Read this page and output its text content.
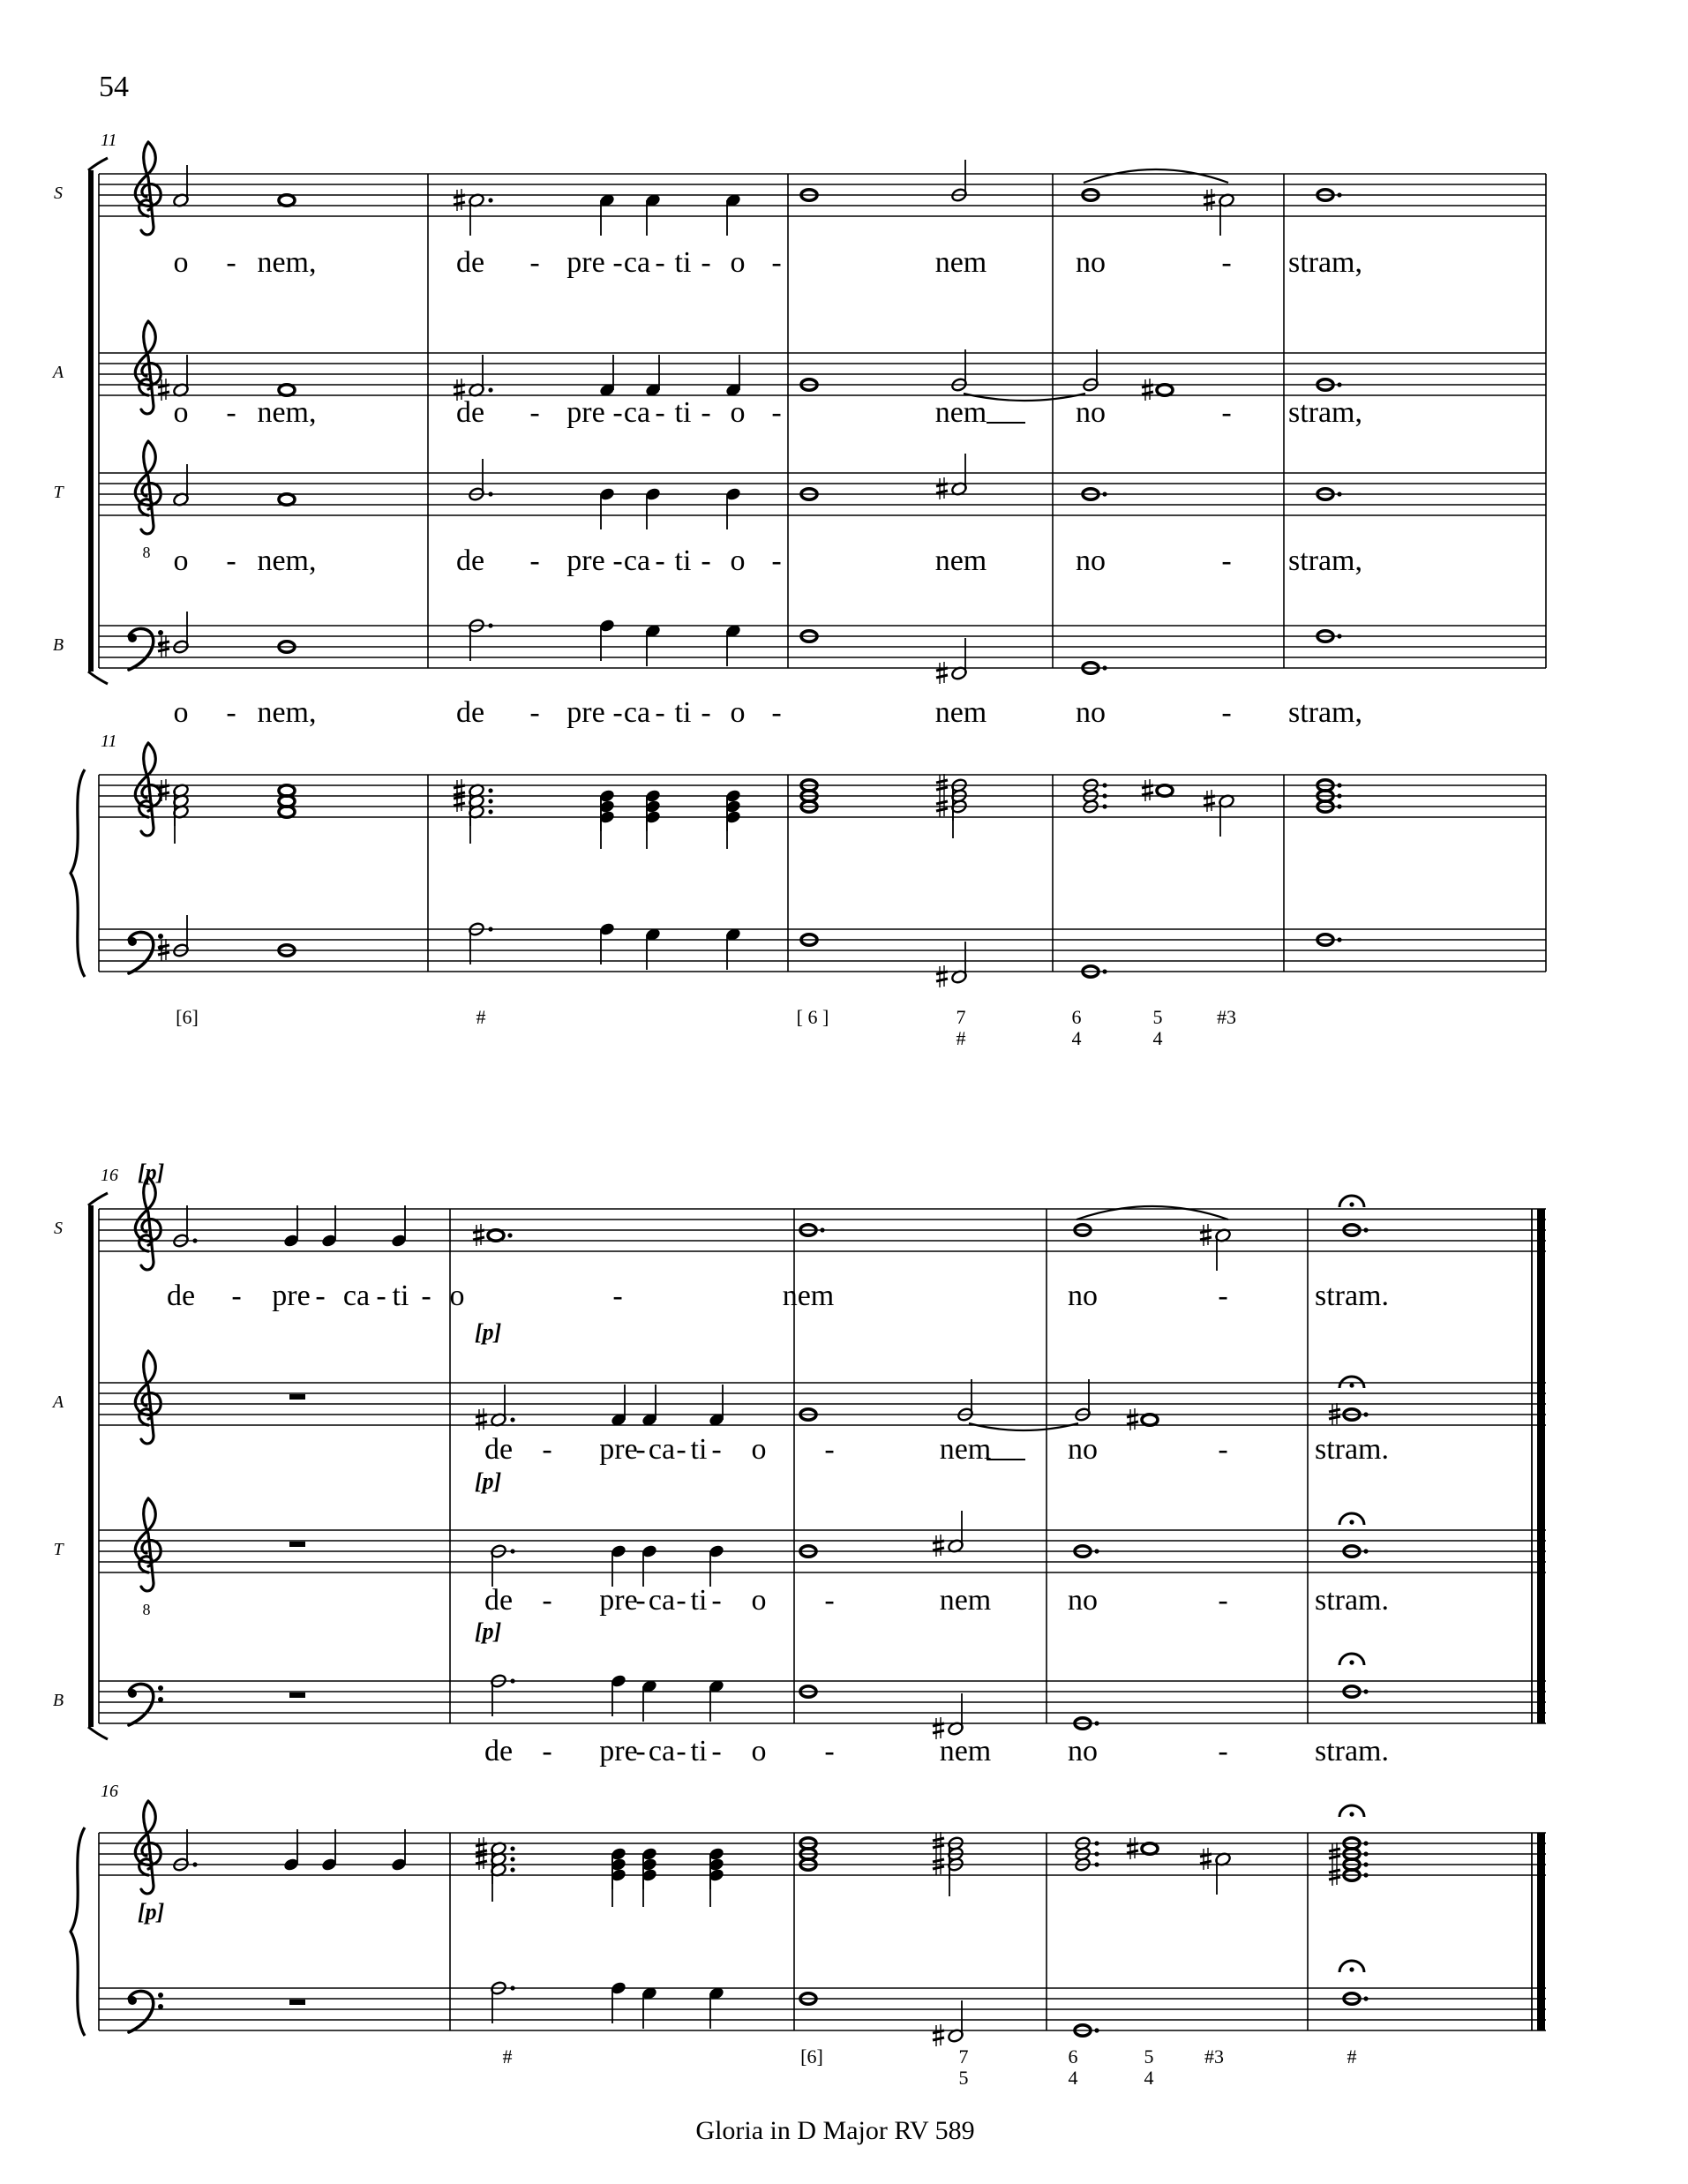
54
S
A
T
B
11
11
8
o - nem,	de - pre - ca - ti - o -	nem	no	- stram,
o - nem,	de - pre - ca - ti - o -	nem	no	- stram,
o - nem,	de - pre - ca - ti - o -	nem	no	- stram,
o - nem,	de - pre - ca - ti - o -	nem	no	- stram,
[6]	#	[ 6 ]	7
#
6
4
5
4
#3
S
A
T
B
16
16
8
[p]
[p]
[p]
[p]
[p]
de - pre - ca - ti - o	-	nem	no	-	stram.
de - pre
- ca - ti - o -	nem	no	-	stram.
de - pre
- ca - ti - o -	nem	no	-	stram.
de - pre
- ca - ti - o -	nem	no	-	stram.
#	[6]	7
5
6
4
5
4
#3	#
Gloria in D Major RV 589
